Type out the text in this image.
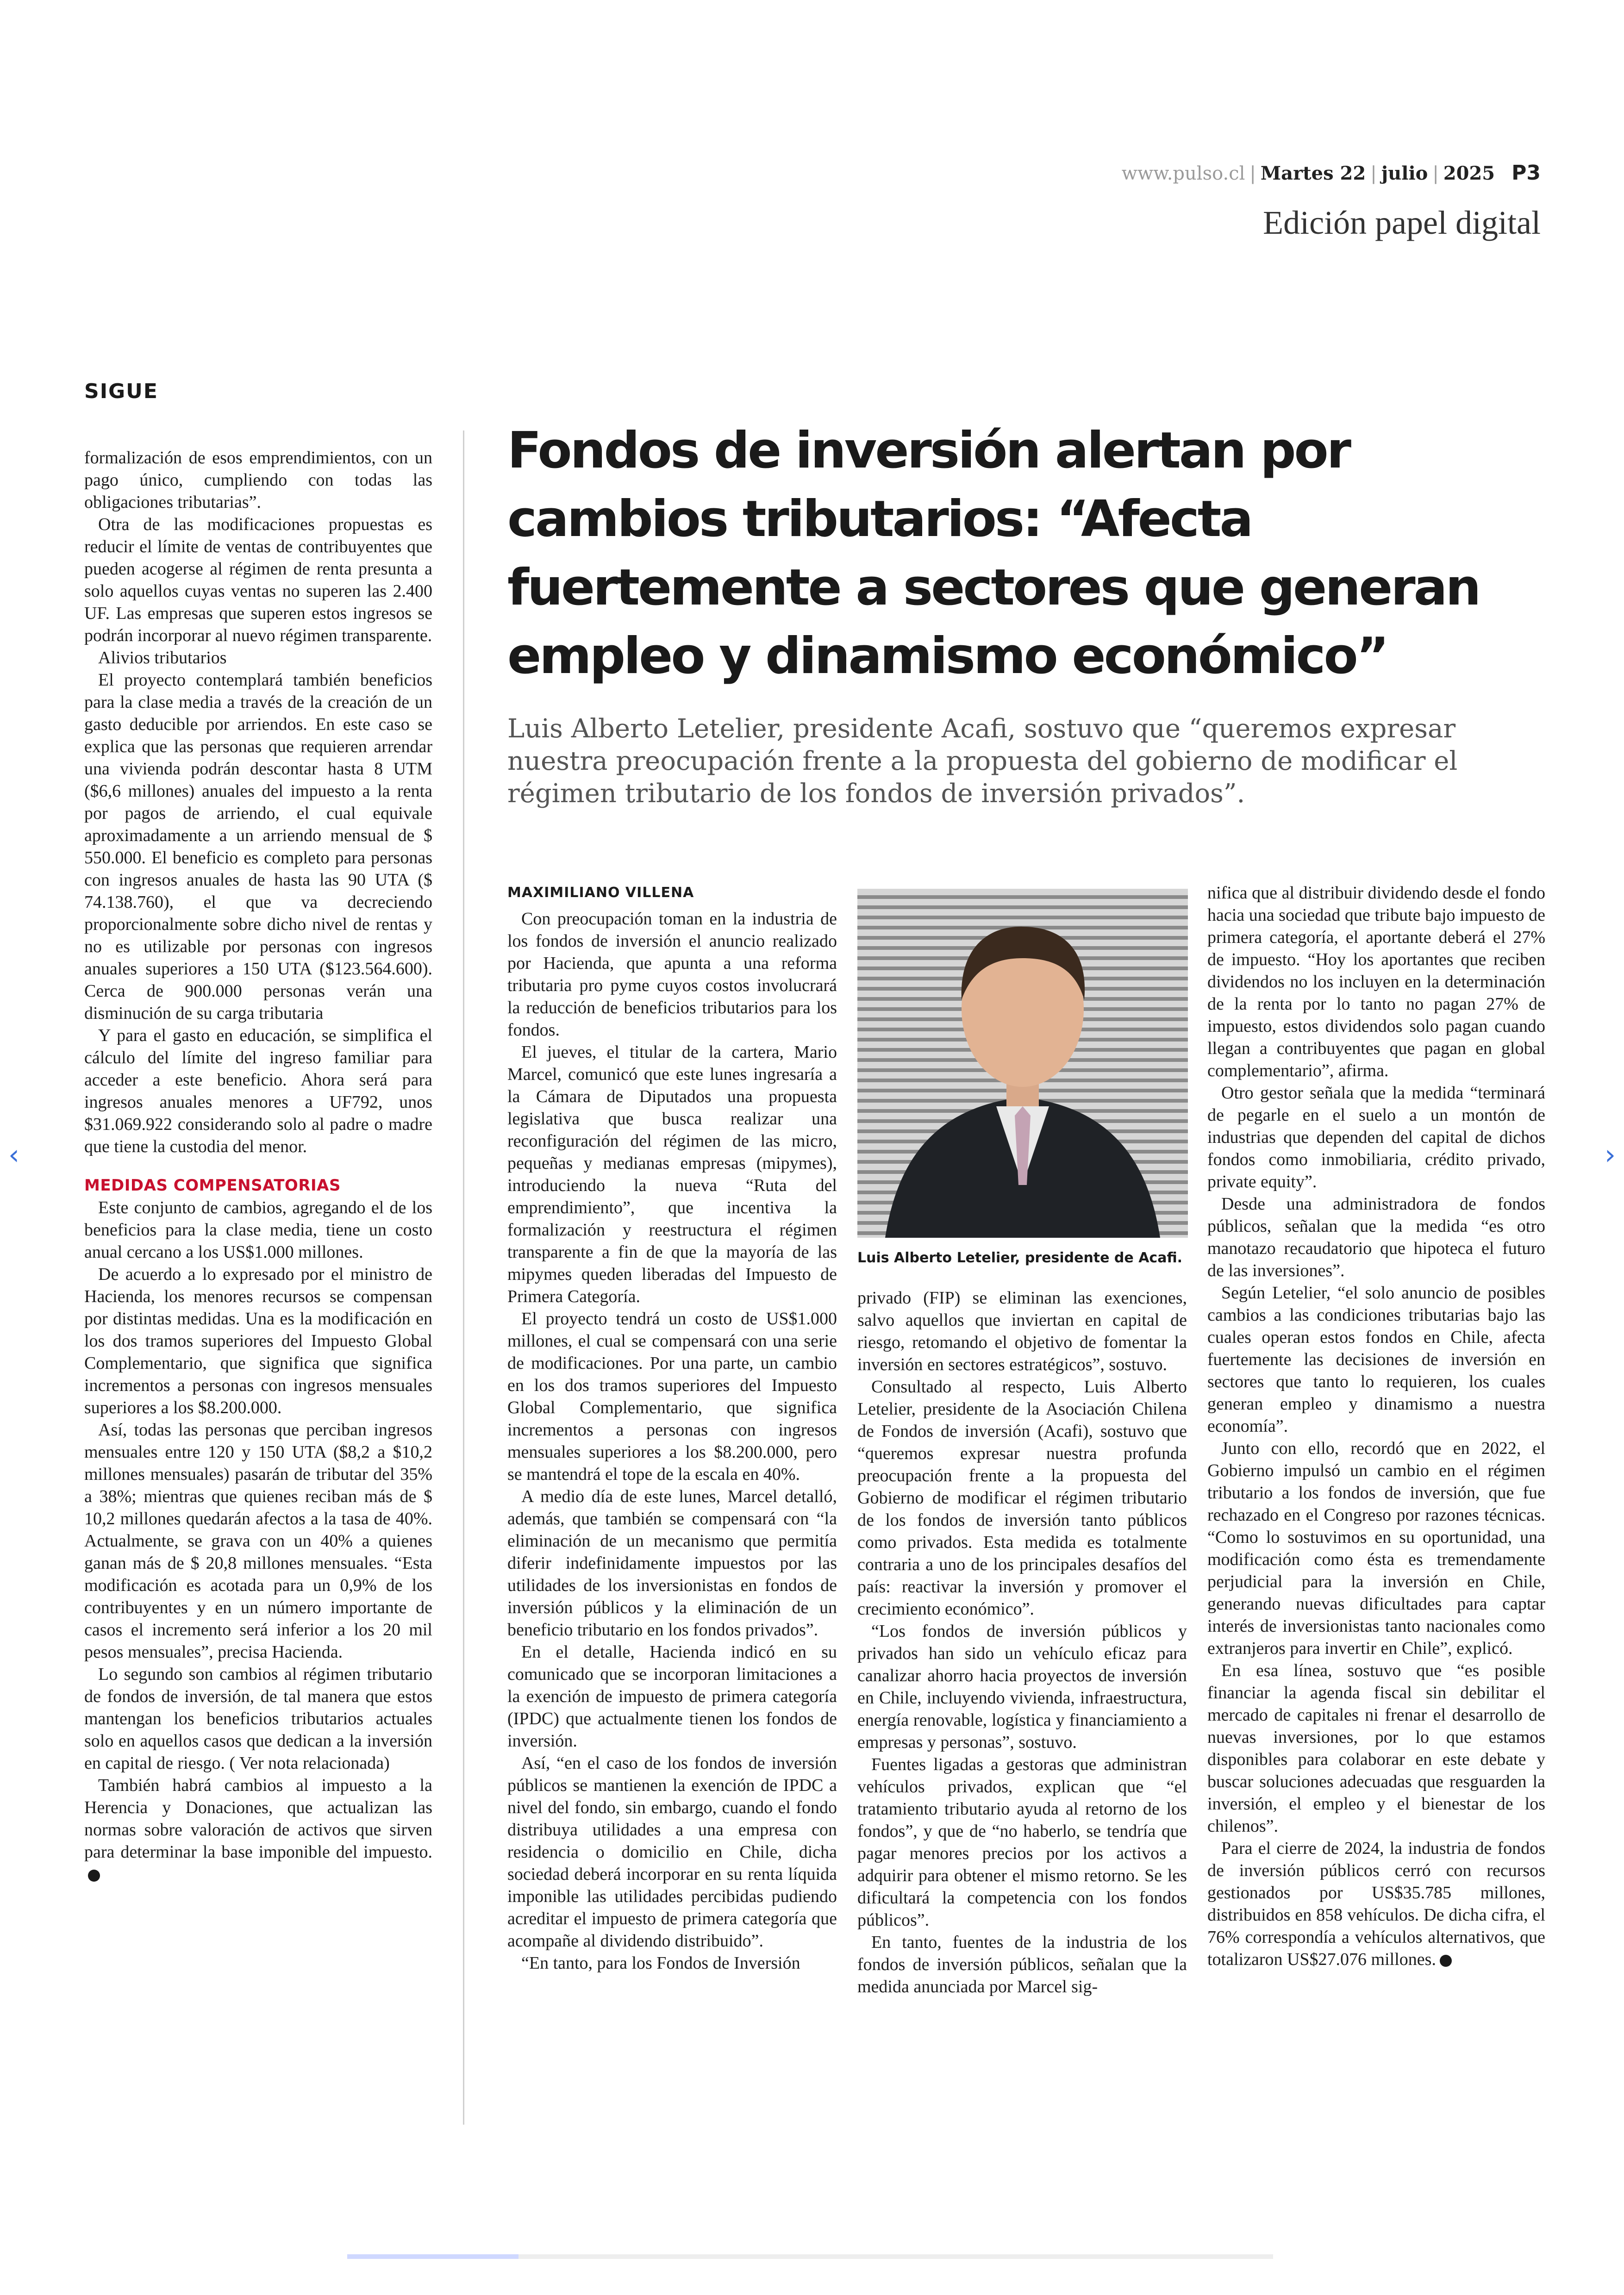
www.pulso.cl | Martes 22 | julio | 2025 P3
Edición papel digital
SIGUE

formalización de esos emprendimientos, con un pago único, cumpliendo con todas las obligaciones tributarias”.

Otra de las modificaciones propuestas es reducir el límite de ventas de contribuyentes que pueden acogerse al régimen de renta presunta a solo aquellos cuyas ventas no superen las 2.400 UF. Las empresas que superen estos ingresos se podrán incorporar al nuevo régimen transparente.

Alivios tributarios

El proyecto contemplará también beneficios para la clase media a través de la creación de un gasto deducible por arriendos. En este caso se explica que las personas que requieren arrendar una vivienda podrán descontar hasta 8 UTM ($6,6 millones) anuales del impuesto a la renta por pagos de arriendo, el cual equivale aproximadamente a un arriendo mensual de $ 550.000. El beneficio es completo para personas con ingresos anuales de hasta las 90 UTA ($ 74.138.760), el que va decreciendo proporcionalmente sobre dicho nivel de rentas y no es utilizable por personas con ingresos anuales superiores a 150 UTA ($123.564.600). Cerca de 900.000 personas verán una disminución de su carga tributaria

Y para el gasto en educación, se simplifica el cálculo del límite del ingreso familiar para acceder a este beneficio. Ahora será para ingresos anuales menores a UF792, unos $31.069.922 considerando solo al padre o madre que tiene la custodia del menor.

MEDIDAS COMPENSATORIAS

Este conjunto de cambios, agregando el de los beneficios para la clase media, tiene un costo anual cercano a los US$1.000 millones.

De acuerdo a lo expresado por el ministro de Hacienda, los menores recursos se compensan por distintas medidas. Una es la modificación en los dos tramos superiores del Impuesto Global Complementario, que significa que significa incrementos a personas con ingresos mensuales superiores a los $8.200.000.

Así, todas las personas que perciban ingresos mensuales entre 120 y 150 UTA ($8,2 a $10,2 millones mensuales) pasarán de tributar del 35% a 38%; mientras que quienes reciban más de $ 10,2 millones quedarán afectos a la tasa de 40%. Actualmente, se grava con un 40% a quienes ganan más de $ 20,8 millones mensuales. “Esta modificación es acotada para un 0,9% de los contribuyentes y en un número importante de casos el incremento será inferior a los 20 mil pesos mensuales”, precisa Hacienda.

Lo segundo son cambios al régimen tributario de fondos de inversión, de tal manera que estos mantengan los beneficios tributarios actuales solo en aquellos casos que dedican a la inversión en capital de riesgo. ( Ver nota relacionada)

También habrá cambios al impuesto a la Herencia y Donaciones, que actualizan las normas sobre valoración de activos que sirven para determinar la base imponible del impuesto.

Fondos de inversión alertan por cambios tributarios: “Afecta fuertemente a sectores que generan empleo y dinamismo económico”
Luis Alberto Letelier, presidente Acafi, sostuvo que “queremos expresar nuestra preocupación frente a la propuesta del gobierno de modificar el régimen tributario de los fondos de inversión privados”.

MAXIMILIANO VILLENA

Con preocupación toman en la industria de los fondos de inversión el anuncio realizado por Hacienda, que apunta a una reforma tributaria pro pyme cuyos costos involucrará la reducción de beneficios tributarios para los fondos.

El jueves, el titular de la cartera, Mario Marcel, comunicó que este lunes ingresaría a la Cámara de Diputados una propuesta legislativa que busca realizar una reconfiguración del régimen de las micro, pequeñas y medianas empresas (mipymes), introduciendo la nueva “Ruta del emprendimiento”, que incentiva la formalización y reestructura el régimen transparente a fin de que la mayoría de las mipymes queden liberadas del Impuesto de Primera Categoría.

El proyecto tendrá un costo de US$1.000 millones, el cual se compensará con una serie de modificaciones. Por una parte, un cambio en los dos tramos superiores del Impuesto Global Complementario, que significa incrementos a personas con ingresos mensuales superiores a los $8.200.000, pero se mantendrá el tope de la escala en 40%.

A medio día de este lunes, Marcel detalló, además, que también se compensará con “la eliminación de un mecanismo que permitía diferir indefinidamente impuestos por las utilidades de los inversionistas en fondos de inversión públicos y la eliminación de un beneficio tributario en los fondos privados”.

En el detalle, Hacienda indicó en su comunicado que se incorporan limitaciones a la exención de impuesto de primera categoría (IPDC) que actualmente tienen los fondos de inversión.

Así, “en el caso de los fondos de inversión públicos se mantienen la exención de IPDC a nivel del fondo, sin embargo, cuando el fondo distribuya utilidades a una empresa con residencia o domicilio en Chile, dicha sociedad deberá incorporar en su renta líquida imponible las utilidades percibidas pudiendo acreditar el impuesto de primera categoría que acompañe al dividendo distribuido”.

“En tanto, para los Fondos de Inversión

Luis Alberto Letelier, presidente de Acafi.

privado (FIP) se eliminan las exenciones, salvo aquellos que inviertan en capital de riesgo, retomando el objetivo de fomentar la inversión en sectores estratégicos”, sostuvo.

Consultado al respecto, Luis Alberto Letelier, presidente de la Asociación Chilena de Fondos de inversión (Acafi), sostuvo que “queremos expresar nuestra profunda preocupación frente a la propuesta del Gobierno de modificar el régimen tributario de los fondos de inversión tanto públicos como privados. Esta medida es totalmente contraria a uno de los principales desafíos del país: reactivar la inversión y promover el crecimiento económico”.

“Los fondos de inversión públicos y privados han sido un vehículo eficaz para canalizar ahorro hacia proyectos de inversión en Chile, incluyendo vivienda, infraestructura, energía renovable, logística y financiamiento a empresas y personas”, sostuvo.

Fuentes ligadas a gestoras que administran vehículos privados, explican que “el tratamiento tributario ayuda al retorno de los fondos”, y que de “no haberlo, se tendría que pagar menores precios por los activos a adquirir para obtener el mismo retorno. Se les dificultará la competencia con los fondos públicos”.

En tanto, fuentes de la industria de los fondos de inversión públicos, señalan que la medida anunciada por Marcel sig-

nifica que al distribuir dividendo desde el fondo hacia una sociedad que tribute bajo impuesto de primera categoría, el aportante deberá el 27% de impuesto. “Hoy los aportantes que reciben dividendos no los incluyen en la determinación de la renta por lo tanto no pagan 27% de impuesto, estos dividendos solo pagan cuando llegan a contribuyentes que pagan en global complementario”, afirma.

Otro gestor señala que la medida “terminará de pegarle en el suelo a un montón de industrias que dependen del capital de dichos fondos como inmobiliaria, crédito privado, private equity”.

Desde una administradora de fondos públicos, señalan que la medida “es otro manotazo recaudatorio que hipoteca el futuro de las inversiones”.

Según Letelier, “el solo anuncio de posibles cambios a las condiciones tributarias bajo las cuales operan estos fondos en Chile, afecta fuertemente las decisiones de inversión en sectores que tanto lo requieren, los cuales generan empleo y dinamismo a nuestra economía”.

Junto con ello, recordó que en 2022, el Gobierno impulsó un cambio en el régimen tributario a los fondos de inversión, que fue rechazado en el Congreso por razones técnicas. “Como lo sostuvimos en su oportunidad, una modificación como ésta es tremendamente perjudicial para la inversión en Chile, generando nuevas dificultades para captar interés de inversionistas tanto nacionales como extranjeros para invertir en Chile”, explicó.

En esa línea, sostuvo que “es posible financiar la agenda fiscal sin debilitar el mercado de capitales ni frenar el desarrollo de nuevas inversiones, por lo que estamos disponibles para colaborar en este debate y buscar soluciones adecuadas que resguarden la inversión, el empleo y el bienestar de los chilenos”.

Para el cierre de 2024, la industria de fondos de inversión públicos cerró con recursos gestionados por US$35.785 millones, distribuidos en 858 vehículos. De dicha cifra, el 76% correspondía a vehículos alternativos, que totalizaron US$27.076 millones.

‹	›
